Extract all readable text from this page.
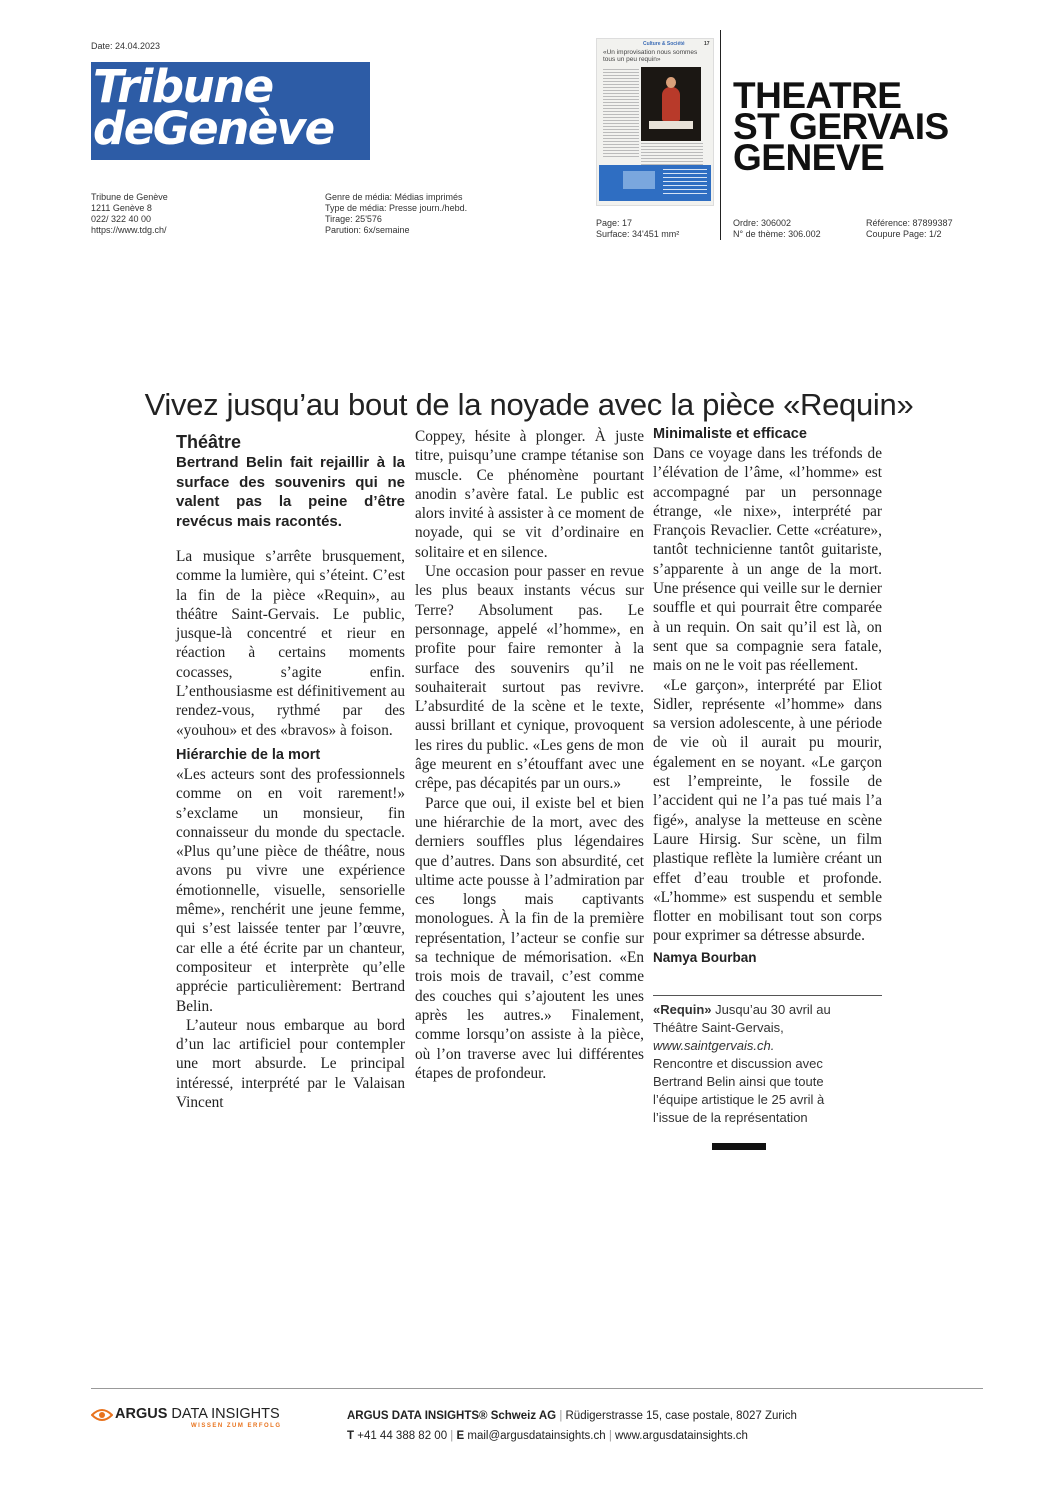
Date: 24.04.2023
Tribune
deGenève
Tribune de Genève
1211 Genève 8
022/ 322 40 00
https://www.tdg.ch/
Genre de média: Médias imprimés
Type de média: Presse journ./hebd.
Tirage: 25'576
Parution: 6x/semaine
Page: 17
Surface: 34'451 mm²
Culture & Société	17
«Un improvisation nous sommes tous un peu requin»
THEATRE
ST GERVAIS
GENEVE
Ordre: 306002
N° de thème: 306.002
Référence: 87899387
Coupure Page: 1/2
Vivez jusqu’au bout de la noyade avec la pièce «Requin»
Théâtre
Bertrand Belin fait rejaillir à la surface des souvenirs qui ne valent pas la peine d’être revécus mais racontés.

La musique s’arrête brusquement, comme la lumière, qui s’éteint. C’est la fin de la pièce «Requin», au théâtre Saint-Gervais. Le public, jusque-là concentré et rieur en réaction à certains moments cocasses, s’agite enfin. L’enthousiasme est définitivement au rendez-vous, rythmé par des «youhou» et des «bravos» à foison.

Hiérarchie de la mort

«Les acteurs sont des professionnels comme on en voit rarement!» s’exclame un monsieur, fin connaisseur du monde du spectacle. «Plus qu’une pièce de théâtre, nous avons pu vivre une expérience émotionnelle, visuelle, sensorielle même», renchérit une jeune femme, qui s’est laissée tenter par l’œuvre, car elle a été écrite par un chanteur, compositeur et interprète qu’elle apprécie particulièrement: Bertrand Belin.

L’auteur nous embarque au bord d’un lac artificiel pour contempler une mort absurde. Le principal intéressé, interprété par le Valaisan Vincent

Coppey, hésite à plonger. À juste titre, puisqu’une crampe tétanise son muscle. Ce phénomène pourtant anodin s’avère fatal. Le public est alors invité à assister à ce moment de noyade, qui se vit d’ordinaire en solitaire et en silence.

Une occasion pour passer en revue les plus beaux instants vécus sur Terre? Absolument pas. Le personnage, appelé «l’homme», en profite pour faire remonter à la surface des souvenirs qu’il ne souhaiterait surtout pas revivre. L’absurdité de la scène et le texte, aussi brillant et cynique, provoquent les rires du public. «Les gens de mon âge meurent en s’étouffant avec une crêpe, pas décapités par un ours.»

Parce que oui, il existe bel et bien une hiérarchie de la mort, avec des derniers souffles plus légendaires que d’autres. Dans son absurdité, cet ultime acte pousse à l’admiration par ces longs mais captivants monologues. À la fin de la première représentation, l’acteur se confie sur sa technique de mémorisation. «En trois mois de travail, c’est comme des couches qui s’ajoutent les unes après les autres.» Finalement, comme lorsqu’on assiste à la pièce, où l’on traverse avec lui différentes étapes de profondeur.

Minimaliste et efficace

Dans ce voyage dans les tréfonds de l’élévation de l’âme, «l’homme» est accompagné par un personnage étrange, «le nixe», interprété par François Revaclier. Cette «créature», tantôt technicienne tantôt guitariste, s’apparente à un ange de la mort. Une présence qui veille sur le dernier souffle et qui pourrait être comparée à un requin. On sait qu’il est là, on sent que sa compagnie sera fatale, mais on ne le voit pas réellement.

«Le garçon», interprété par Eliot Sidler, représente «l’homme» dans sa version adolescente, à une période de vie où il aurait pu mourir, également en se noyant. «Le garçon est l’empreinte, le fossile de l’accident qui ne l’a pas tué mais l’a figé», analyse la metteuse en scène Laure Hirsig. Sur scène, un film plastique reflète la lumière créant un effet d’eau trouble et profonde. «L’homme» est suspendu et semble flotter en mobilisant tout son corps pour exprimer sa détresse absurde.

Namya Bourban
«Requin» Jusqu’au 30 avril au Théâtre Saint-Gervais,
www.saintgervais.ch.
Rencontre et discussion avec Bertrand Belin ainsi que toute l’équipe artistique le 25 avril à l’issue de la représentation
ARGUS DATA INSIGHTS
WISSEN ZUM ERFOLG
ARGUS DATA INSIGHTS® Schweiz AG | Rüdigerstrasse 15, case postale, 8027 Zurich
T +41 44 388 82 00 | E mail@argusdatainsights.ch | www.argusdatainsights.ch
